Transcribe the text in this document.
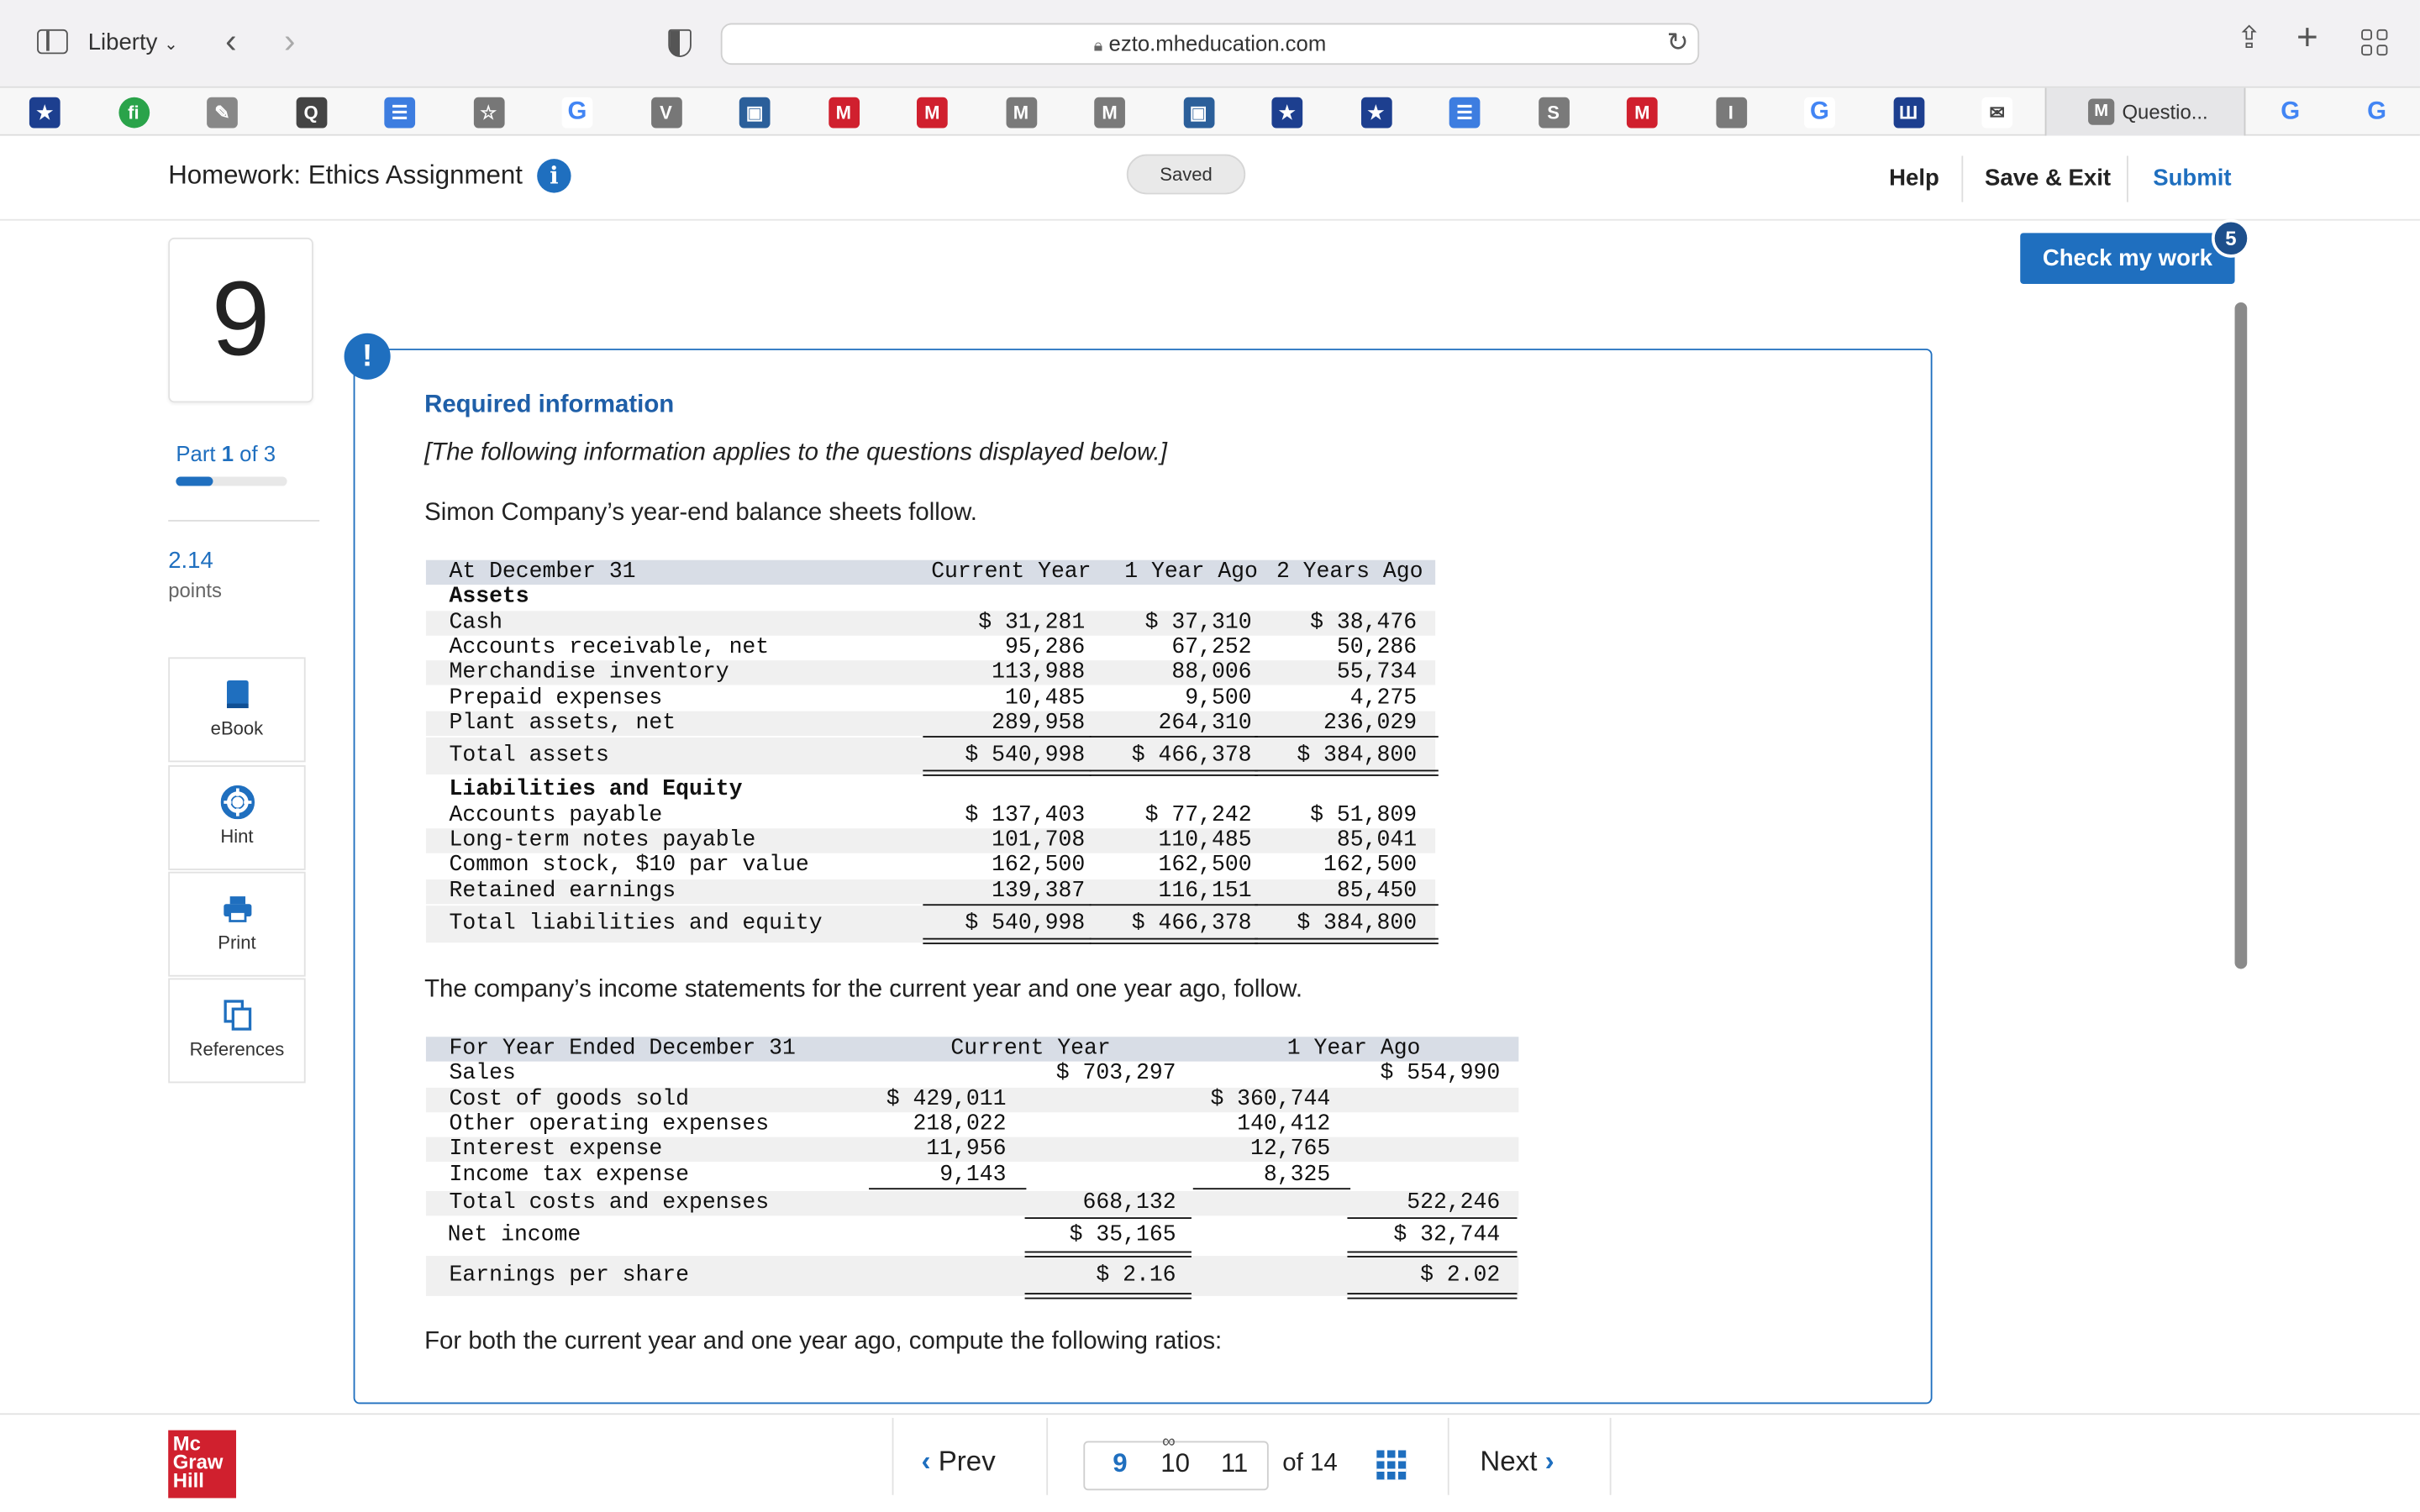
Liberty ⌄	‹	›	🔒︎ ezto.mheducation.com	↻	⇪ +
★	fi	✎	Q	☰	☆	G	V	▣	M	M	M	M	▣	★	★	☰	S	M	I	G	Ш	✉	M	Questio...	G	G
Homework: Ethics Assignment	i	Saved	Help	Save & Exit	Submit
9
Part 1 of 3
2.14
points
eBook
Hint
Print
References
Check my work
5
!
Required information
[The following information applies to the questions displayed below.]
Simon Company’s year-end balance sheets follow.
At December 31	Current Year	1 Year Ago 2 Years Ago
Assets
Cash	$ 31,281	$ 37,310	$ 38,476
Accounts receivable, net	95,286	67,252	50,286
Merchandise inventory	113,988	88,006	55,734
Prepaid expenses	10,485	9,500	4,275
Plant assets, net	289,958	264,310	236,029
Total assets	$ 540,998	$ 466,378	$ 384,800
Liabilities and Equity
Accounts payable	$ 137,403	$ 77,242	$ 51,809
Long-term notes payable	101,708	110,485	85,041
Common stock, $10 par value	162,500	162,500	162,500
Retained earnings	139,387	116,151	85,450
Total liabilities and equity	$ 540,998	$ 466,378	$ 384,800
The company’s income statements for the current year and one year ago, follow.
For Year Ended December 31	Current Year	1 Year Ago
Sales	$ 703,297	$ 554,990
Cost of goods sold	$ 429,011	$ 360,744
Other operating expenses	218,022	140,412
Interest expense	11,956	12,765
Income tax expense	9,143	8,325
Total costs and expenses	668,132	522,246
Net income	$ 35,165	$ 32,744
Earnings per share	$ 2.16	$ 2.02
For both the current year and one year ago, compute the following ratios:
Mc
Graw
Hill
‹ Prev
∞
9 10 11	of 14	Next ›
